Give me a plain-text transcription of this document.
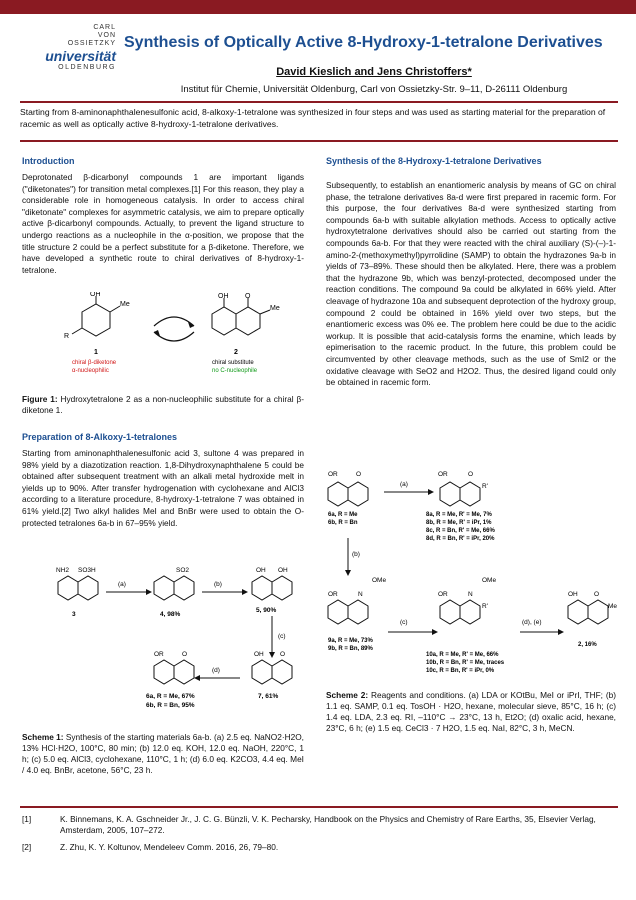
CARL
VON
OSSIETZKY
universität
OLDENBURG
Synthesis of Optically Active 8-Hydroxy-1-tetralone Derivatives
David Kieslich and Jens Christoffers*
Institut für Chemie, Universität Oldenburg, Carl von Ossietzky-Str. 9–11, D-26111 Oldenburg
Starting from 8-aminonaphthalenesulfonic acid, 8-alkoxy-1-tetralone was synthesized in four steps and was used as starting material for the preparation of racemic as well as optically active 8-hydroxy-1-tetralone derivatives.
Introduction
Deprotonated β-dicarbonyl compounds 1 are important ligands ("diketonates") for transition metal complexes.[1] For this reason, they play a considerable role in homogeneous catalysis. In order to access chiral "diketonate" complexes for asymmetric catalysis, we aim to prepare optically active β-dicarbonyl compounds. Actually, to prevent the ligand structure to undergo reactions as a nucleophile in the α-position, we propose that the title structure 2 could be a perfect substitute for a β-diketone. Therefore, we have developed a synthetic route to chiral derivatives of 8-hydroxy-1-tetralone.
OH
R
Me
1
chiral β-diketone
α-nucleophilic
OH O
Me
2
chiral substitute
no C-nucleophile
Figure 1: Hydroxytetralone 2 as a non-nucleophilic substitute for a chiral β-diketone 1.
Preparation of 8-Alkoxy-1-tetralones
Starting from aminonaphthalenesulfonic acid 3, sultone 4 was prepared in 98% yield by a diazotization reaction. 1,8-Dihydroxynaphthalene 5 could be obtained after subsequent treatment with an alkali metal hydroxide melt in yields up to 90%. After transfer hydrogenation with cyclohexane and AlCl3 according to a literature procedure, 8-hydroxy-1-tetralone 7 was obtained in 61% yield.[2] Two alkyl halides MeI and BnBr were used to obtain the O-protected tetralones 6a-b in 67–95% yield.
NH2 SO3H
3
(a)
SO2
4, 98%
(b)
OH OH
5, 90%
(c)
OH	O
7, 61%
(d)
OR	O
6a, R = Me, 67%
6b, R = Bn, 95%
Scheme 1: Synthesis of the starting materials 6a-b. (a) 2.5 eq. NaNO2·H2O, 13% HCl·H2O, 100°C, 80 min; (b) 12.0 eq. KOH, 12.0 eq. NaOH, 220°C, 1 h; (c) 5.0 eq. AlCl3, cyclohexane, 110°C, 1 h; (d) 6.0 eq. K2CO3, 4.4 eq. MeI / 4.0 eq. BnBr, acetone, 56°C, 23 h.
Synthesis of the 8-Hydroxy-1-tetralone Derivatives
Subsequently, to establish an enantiomeric analysis by means of GC on chiral phase, the tetralone derivatives 8a-d were first prepared in racemic form. For this purpose, the four derivatives 8a-d were synthesized starting from compounds 6a-b with suitable alkylation methods. Access to optically active hydroxytetralone derivatives should also be carried out starting from the compounds 6a-b. For that they were reacted with the chiral auxiliary (S)-(–)-1-amino-2-(methoxymethyl)pyrrolidine (SAMP) to obtain the hydrazones 9a-b in yields of 73–89%. These should then be alkylated. Here, there was a problem that the hydrazone 9b, which was benzyl-protected, decomposed under the reaction conditions. The compound 9a could be alkylated in 66% yield. After cleavage of hydrazone 10a and subsequent deprotection of the hydroxy group, compound 2 could be obtained in 16% yield over two steps, but the enantiomeric excess was 0% ee. The problem here could be due to the acidic workup. It is possible that acid-catalysis forms the enamine, which leads by epimerisation to the racemic product. In the future, this problem could be circumvented by other cleavage methods, such as the use of SmI2 or the oxidative cleavage with SeO2 and H2O2. Thus, the desired ligand could only be obtained in racemic form.
OR	O
6a, R = Me
6b, R = Bn
(a)
OR	O
R'
8a, R = Me, R' = Me, 7%
8b, R = Me, R' = iPr, 1%
8c, R = Bn, R' = Me, 66%
8d, R = Bn, R' = iPr, 20%
(b)
OMe
OR	N
9a, R = Me, 73%
9b, R = Bn, 89%
(c)
OMe
OR	N
R'
10a, R = Me, R' = Me, 66%
10b, R = Bn, R' = Me, traces
10c, R = Bn, R' = iPr, 0%
(d), (e)
OH	O
Me
2, 16%
Scheme 2: Reagents and conditions. (a) LDA or KOtBu, MeI or iPrI, THF; (b) 1.1 eq. SAMP, 0.1 eq. TosOH · H2O, hexane, molecular sieve, 85°C, 16 h; (c) 1.4 eq. LDA, 2.3 eq. RI, –110°C → 23°C, 13 h, Et2O; (d) oxalic acid, hexane, 23°C, 6 h; (e) 1.5 eq. CeCl3 · 7 H2O, 1.5 eq. NaI, 82°C, 3 h, MeCN.
[1]	K. Binnemans, K. A. Gschneider Jr., J. C. G. Bünzli, V. K. Pecharsky, Handbook on the Physics and Chemistry of Rare Earths, 35, Elsevier Verlag, Amsterdam, 2005, 107–272.
[2]	Z. Zhu, K. Y. Koltunov, Mendeleev Comm. 2016, 26, 79–80.
